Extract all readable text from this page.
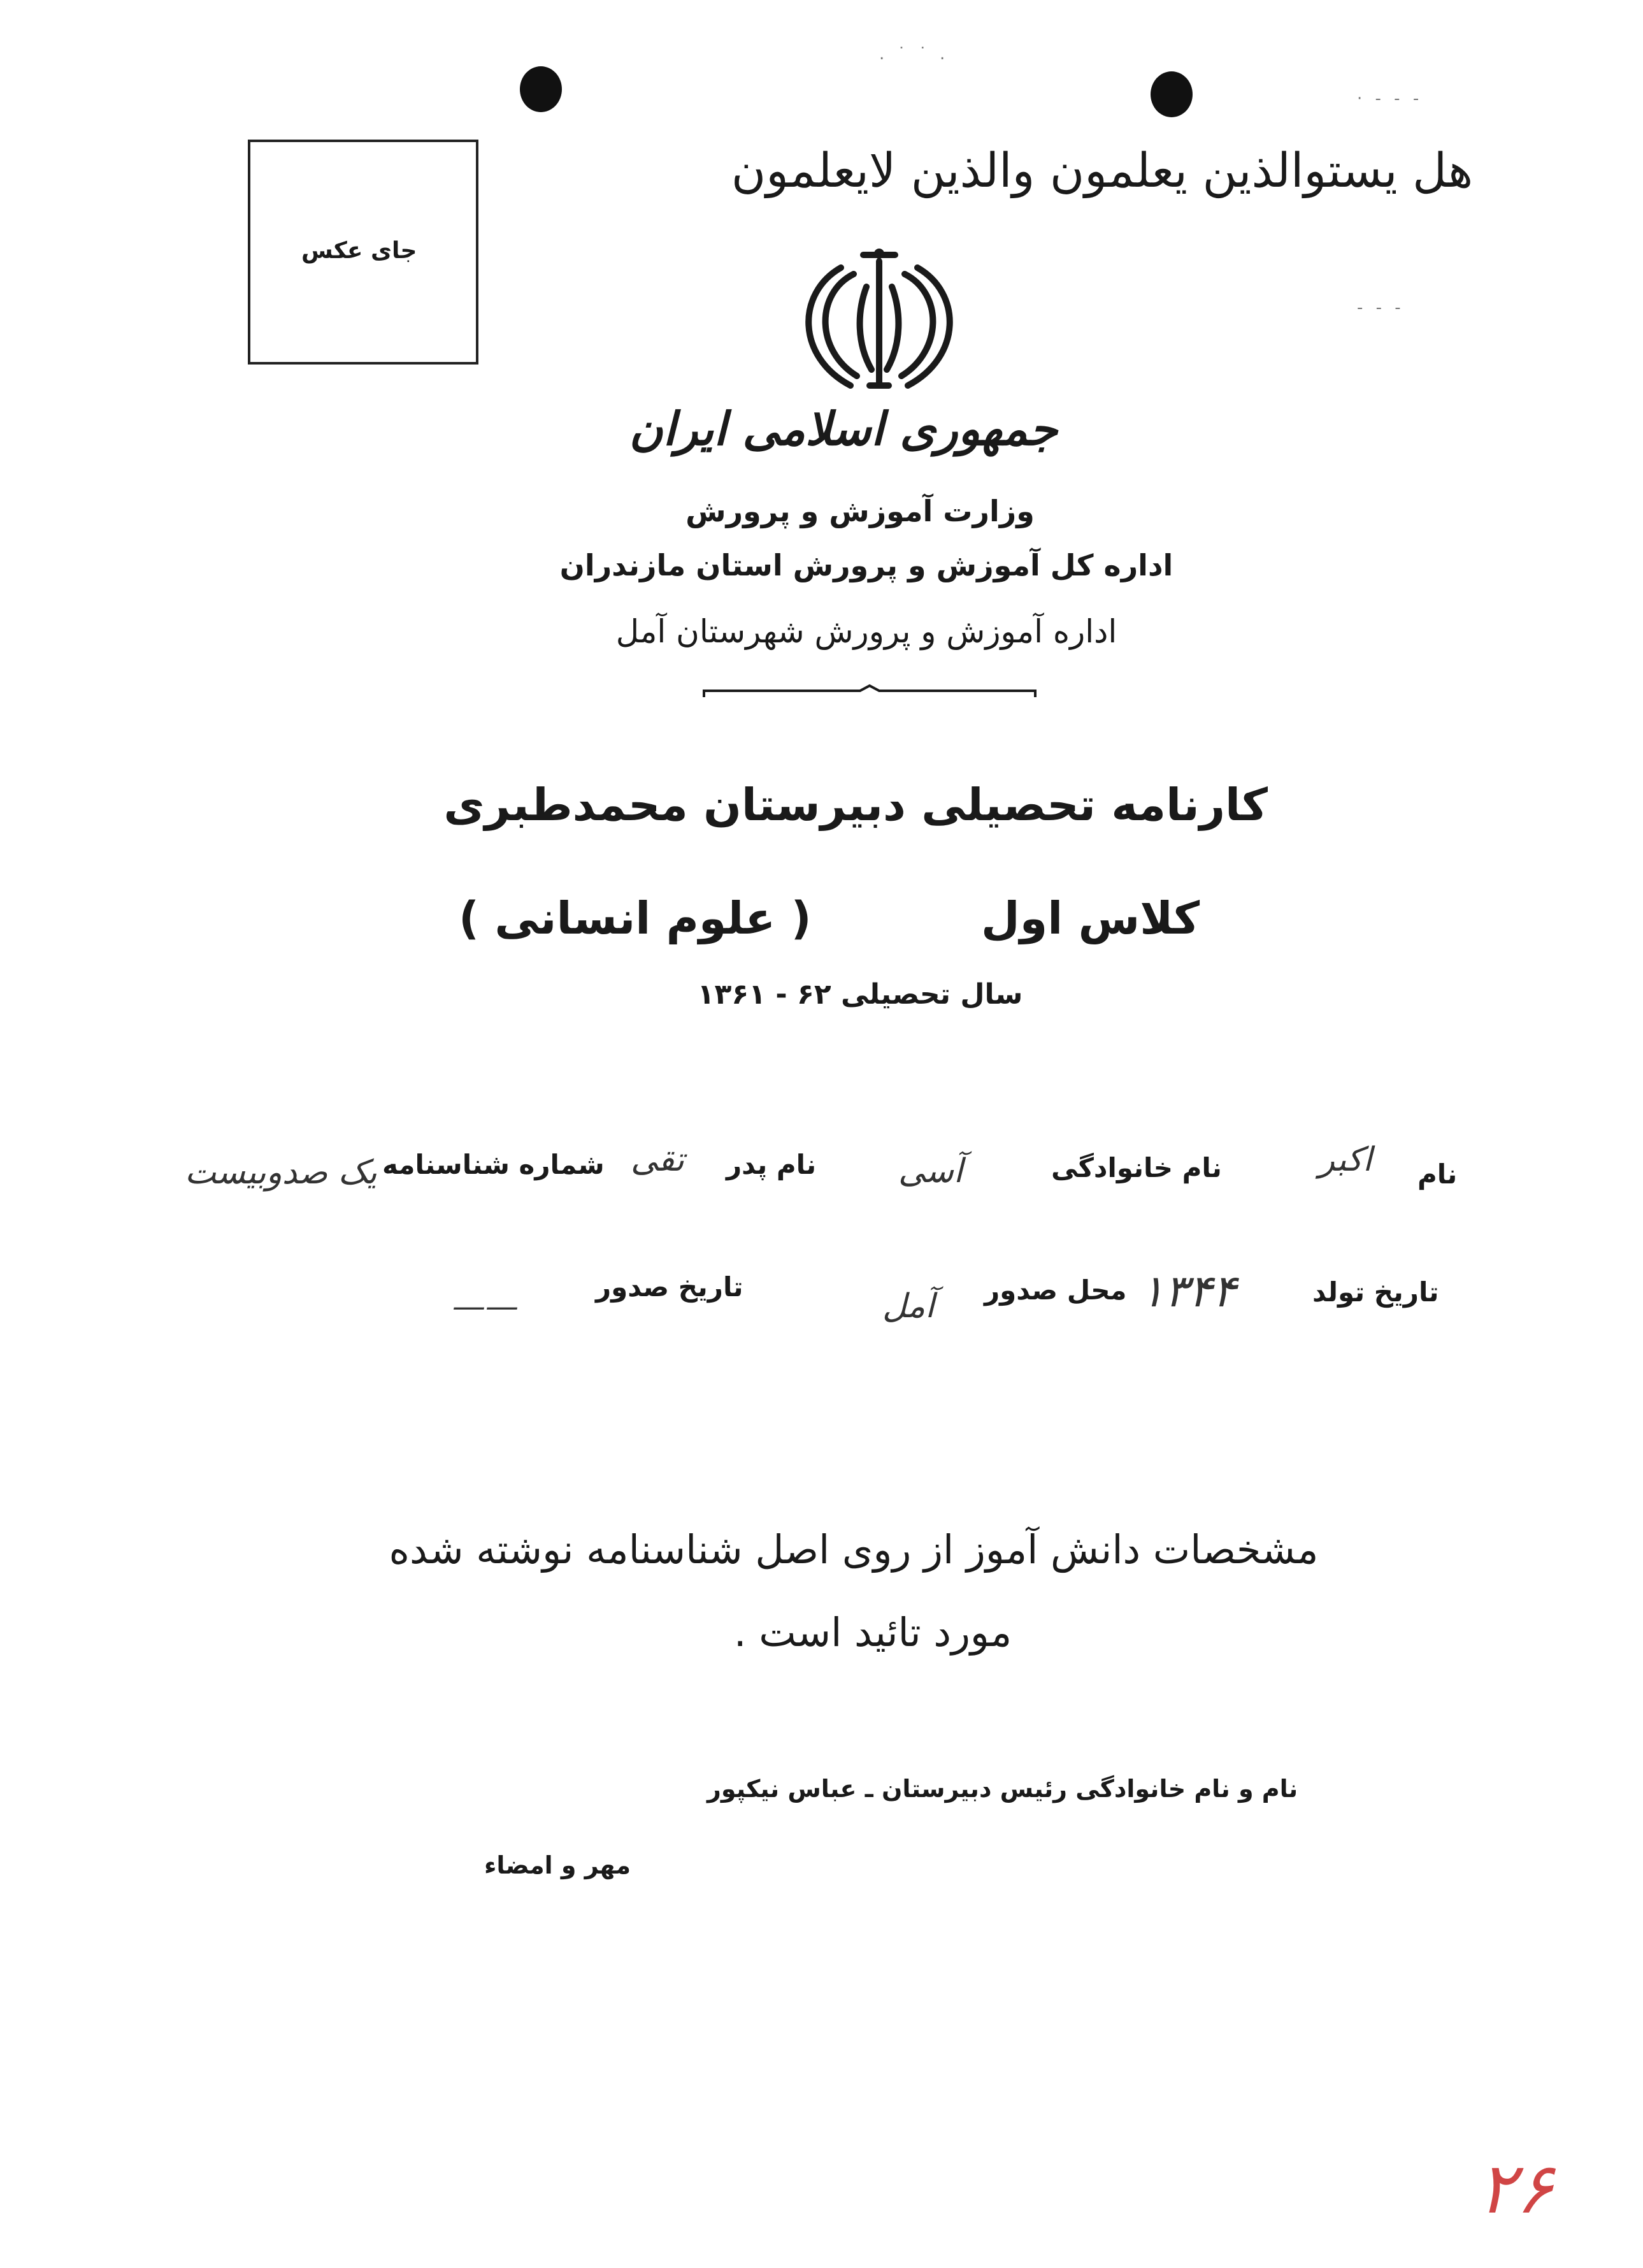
. ˙ ˙ .
· ‑ ‑ ‑
‑ ‑ ‑
جای عکس
هل یستوالذین یعلمون والذین لایعلمون
جمهوری اسلامی ایران
وزارت آموزش و پرورش
اداره کل آموزش و پرورش استان مازندران
اداره آموزش و پرورش شهرستان آمل
کارنامه تحصیلی دبیرستان محمدطبری
کلاس اول
( علوم انسانی )
سال تحصیلی ۶۲ - ۱۳۶۱
نام
اکبر
نام خانوادگی
آسی
نام پدر
تقی
شماره شناسنامه
یک صدوبیست
تاریخ تولد
۱۳۴۴
محل صدور
آمل
تاریخ صدور
——
مشخصات دانش آموز از روی اصل شناسنامه نوشته شده
مورد تائید است .
نام و نام خانوادگی رئیس دبیرستان ـ عباس نیکپور
مهر و امضاء
۲۶
